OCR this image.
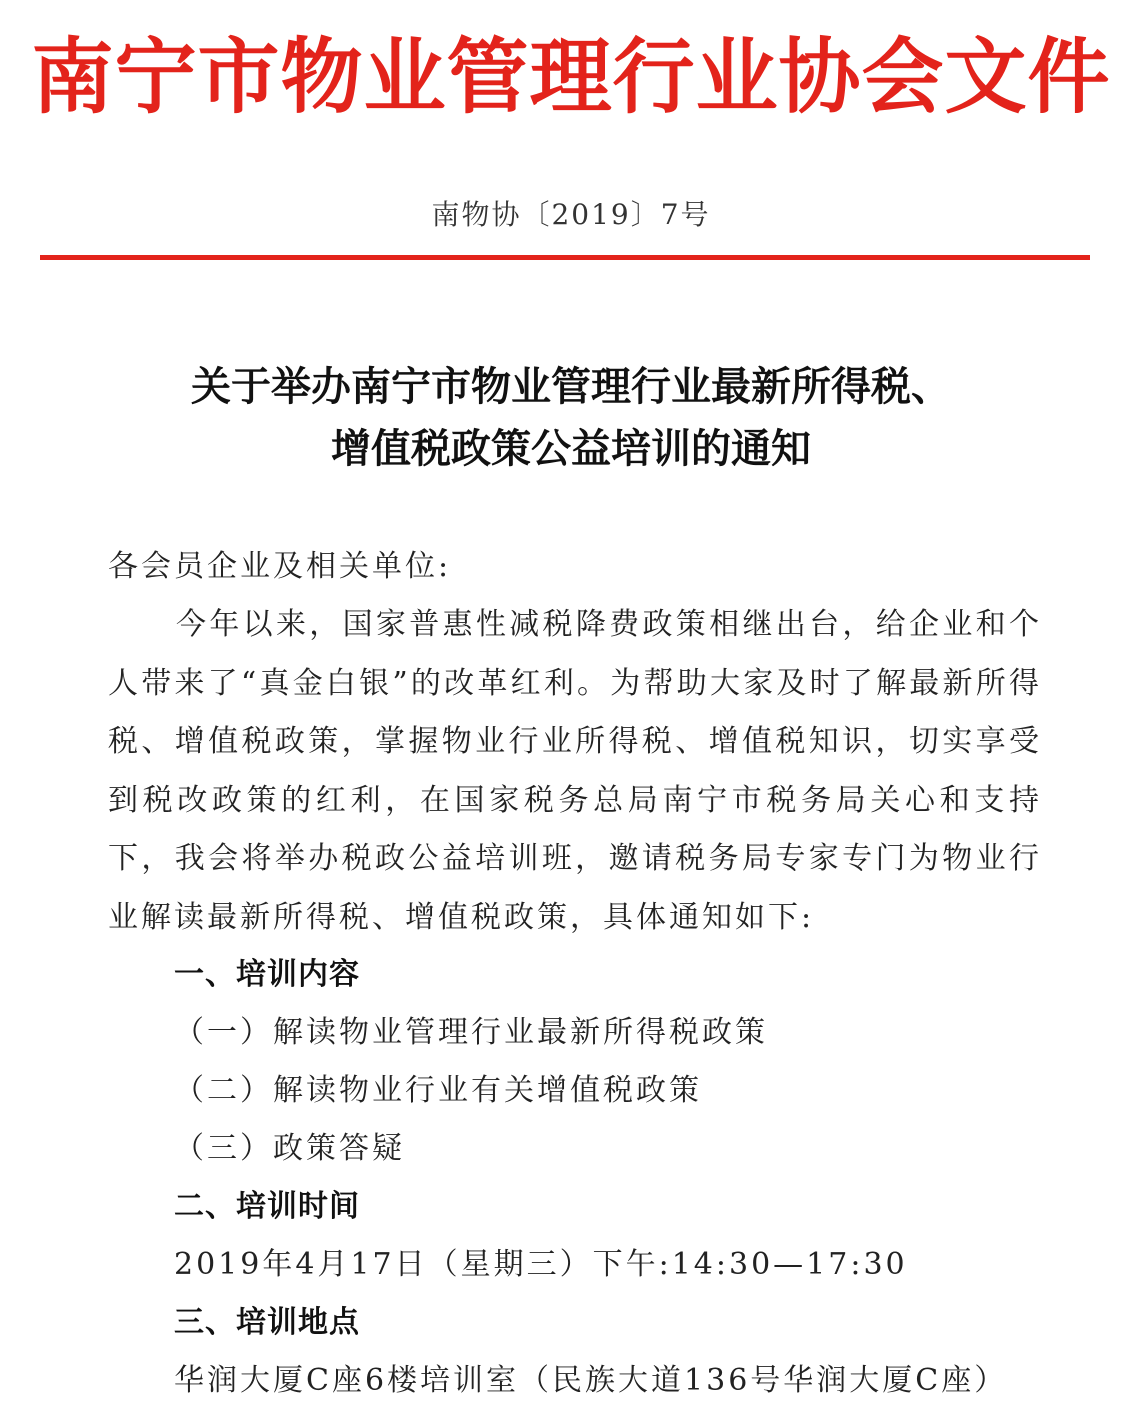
南宁市物业管理行业协会文件
南物协〔2019〕7号
关于举办南宁市物业管理行业最新所得税、
增值税政策公益培训的通知
各会员企业及相关单位:
今年以来，国家普惠性减税降费政策相继出台，给企业和个人带来了“真金白银”的改革红利。为帮助大家及时了解最新所得税、增值税政策，掌握物业行业所得税、增值税知识，切实享受到税改政策的红利，在国家税务总局南宁市税务局关心和支持下，我会将举办税政公益培训班，邀请税务局专家专门为物业行业解读最新所得税、增值税政策，具体通知如下:
一、培训内容
（一）解读物业管理行业最新所得税政策
（二）解读物业行业有关增值税政策
（三）政策答疑
二、培训时间
2019年4月17日（星期三）下午:14:30—17:30
三、培训地点
华润大厦C座6楼培训室（民族大道136号华润大厦C座）
